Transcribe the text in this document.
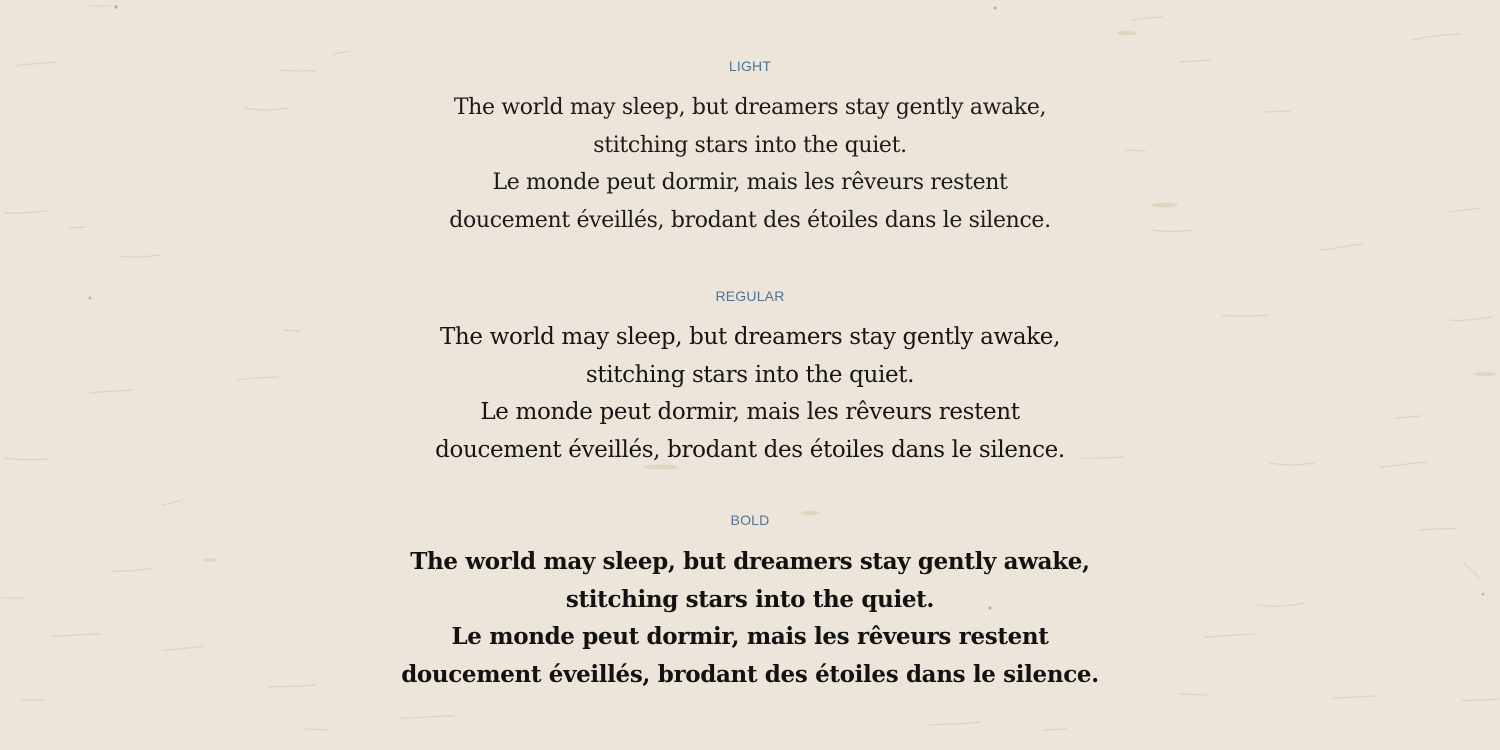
LIGHT
The world may sleep, but dreamers stay gently awake,
stitching stars into the quiet.
Le monde peut dormir, mais les rêveurs restent
doucement éveillés, brodant des étoiles dans le silence.
REGULAR
The world may sleep, but dreamers stay gently awake,
stitching stars into the quiet.
Le monde peut dormir, mais les rêveurs restent
doucement éveillés, brodant des étoiles dans le silence.
BOLD
The world may sleep, but dreamers stay gently awake,
stitching stars into the quiet.
Le monde peut dormir, mais les rêveurs restent
doucement éveillés, brodant des étoiles dans le silence.
